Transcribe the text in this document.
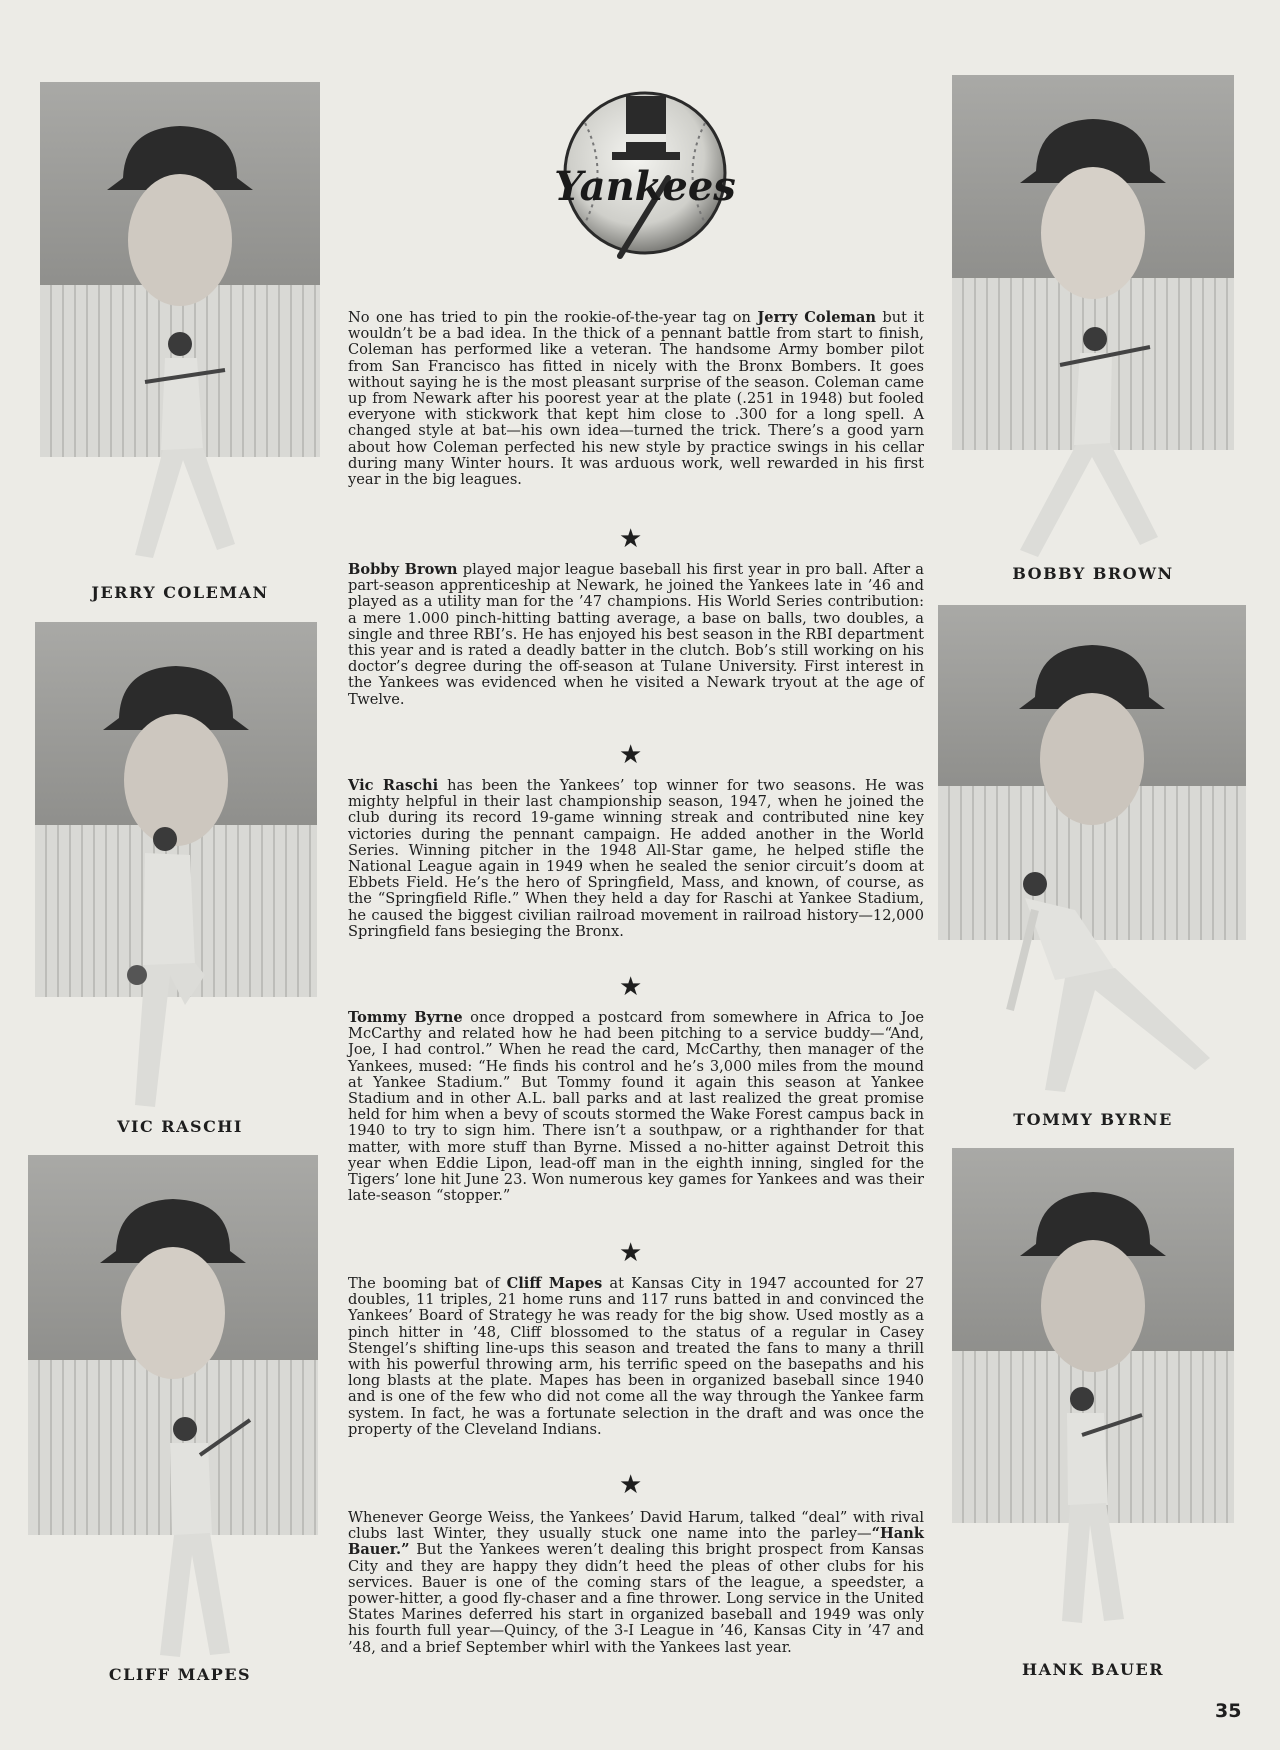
Yankees
JERRY COLEMAN
BOBBY BROWN
VIC RASCHI	TOMMY BYRNE
CLIFF MAPES	HANK BAUER

No one has tried to pin the rookie-of-the-year tag on Jerry Coleman but it wouldn’t be a bad idea. In the thick of a pennant battle from start to finish, Coleman has performed like a veteran. The handsome Army bomber pilot from San Francisco has fitted in nicely with the Bronx Bombers. It goes without saying he is the most pleasant surprise of the season. Coleman came up from Newark after his poorest year at the plate (.251 in 1948) but fooled everyone with stickwork that kept him close to .300 for a long spell. A changed style at bat—his own idea—turned the trick. There’s a good yarn about how Coleman perfected his new style by practice swings in his cellar during many Winter hours. It was arduous work, well rewarded in his first year in the big leagues.

★

Bobby Brown played major league baseball his first year in pro ball. After a part-season apprenticeship at Newark, he joined the Yankees late in ’46 and played as a utility man for the ’47 champions. His World Series contribution: a mere 1.000 pinch-hitting batting average, a base on balls, two doubles, a single and three RBI’s. He has enjoyed his best season in the RBI department this year and is rated a deadly batter in the clutch. Bob’s still working on his doctor’s degree during the off-season at Tulane University. First interest in the Yankees was evidenced when he visited a Newark tryout at the age of Twelve.

★

Vic Raschi has been the Yankees’ top winner for two seasons. He was mighty helpful in their last championship season, 1947, when he joined the club during its record 19-game winning streak and contributed nine key victories during the pennant campaign. He added another in the World Series. Winning pitcher in the 1948 All-Star game, he helped stifle the National League again in 1949 when he sealed the senior circuit’s doom at Ebbets Field. He’s the hero of Springfield, Mass, and known, of course, as the “Springfield Rifle.” When they held a day for Raschi at Yankee Stadium, he caused the biggest civilian railroad movement in railroad history—12,000 Springfield fans besieging the Bronx.

★

Tommy Byrne once dropped a postcard from somewhere in Africa to Joe McCarthy and related how he had been pitching to a service buddy—“And, Joe, I had control.” When he read the card, McCarthy, then manager of the Yankees, mused: “He finds his control and he’s 3,000 miles from the mound at Yankee Stadium.” But Tommy found it again this season at Yankee Stadium and in other A.L. ball parks and at last realized the great promise held for him when a bevy of scouts stormed the Wake Forest campus back in 1940 to try to sign him. There isn’t a southpaw, or a righthander for that matter, with more stuff than Byrne. Missed a no-hitter against Detroit this year when Eddie Lipon, lead-off man in the eighth inning, singled for the Tigers’ lone hit June 23. Won numerous key games for Yankees and was their late-season “stopper.”

★

The booming bat of Cliff Mapes at Kansas City in 1947 accounted for 27 doubles, 11 triples, 21 home runs and 117 runs batted in and convinced the Yankees’ Board of Strategy he was ready for the big show. Used mostly as a pinch hitter in ’48, Cliff blossomed to the status of a regular in Casey Stengel’s shifting line-ups this season and treated the fans to many a thrill with his powerful throwing arm, his terrific speed on the basepaths and his long blasts at the plate. Mapes has been in organized baseball since 1940 and is one of the few who did not come all the way through the Yankee farm system. In fact, he was a fortunate selection in the draft and was once the property of the Cleveland Indians.

★

Whenever George Weiss, the Yankees’ David Harum, talked “deal” with rival clubs last Winter, they usually stuck one name into the parley—“Hank Bauer.” But the Yankees weren’t dealing this bright prospect from Kansas City and they are happy they didn’t heed the pleas of other clubs for his services. Bauer is one of the coming stars of the league, a speedster, a power-hitter, a good fly-chaser and a fine thrower. Long service in the United States Marines deferred his start in organized baseball and 1949 was only his fourth full year—Quincy, of the 3-I League in ’46, Kansas City in ’47 and ’48, and a brief September whirl with the Yankees last year.

35
